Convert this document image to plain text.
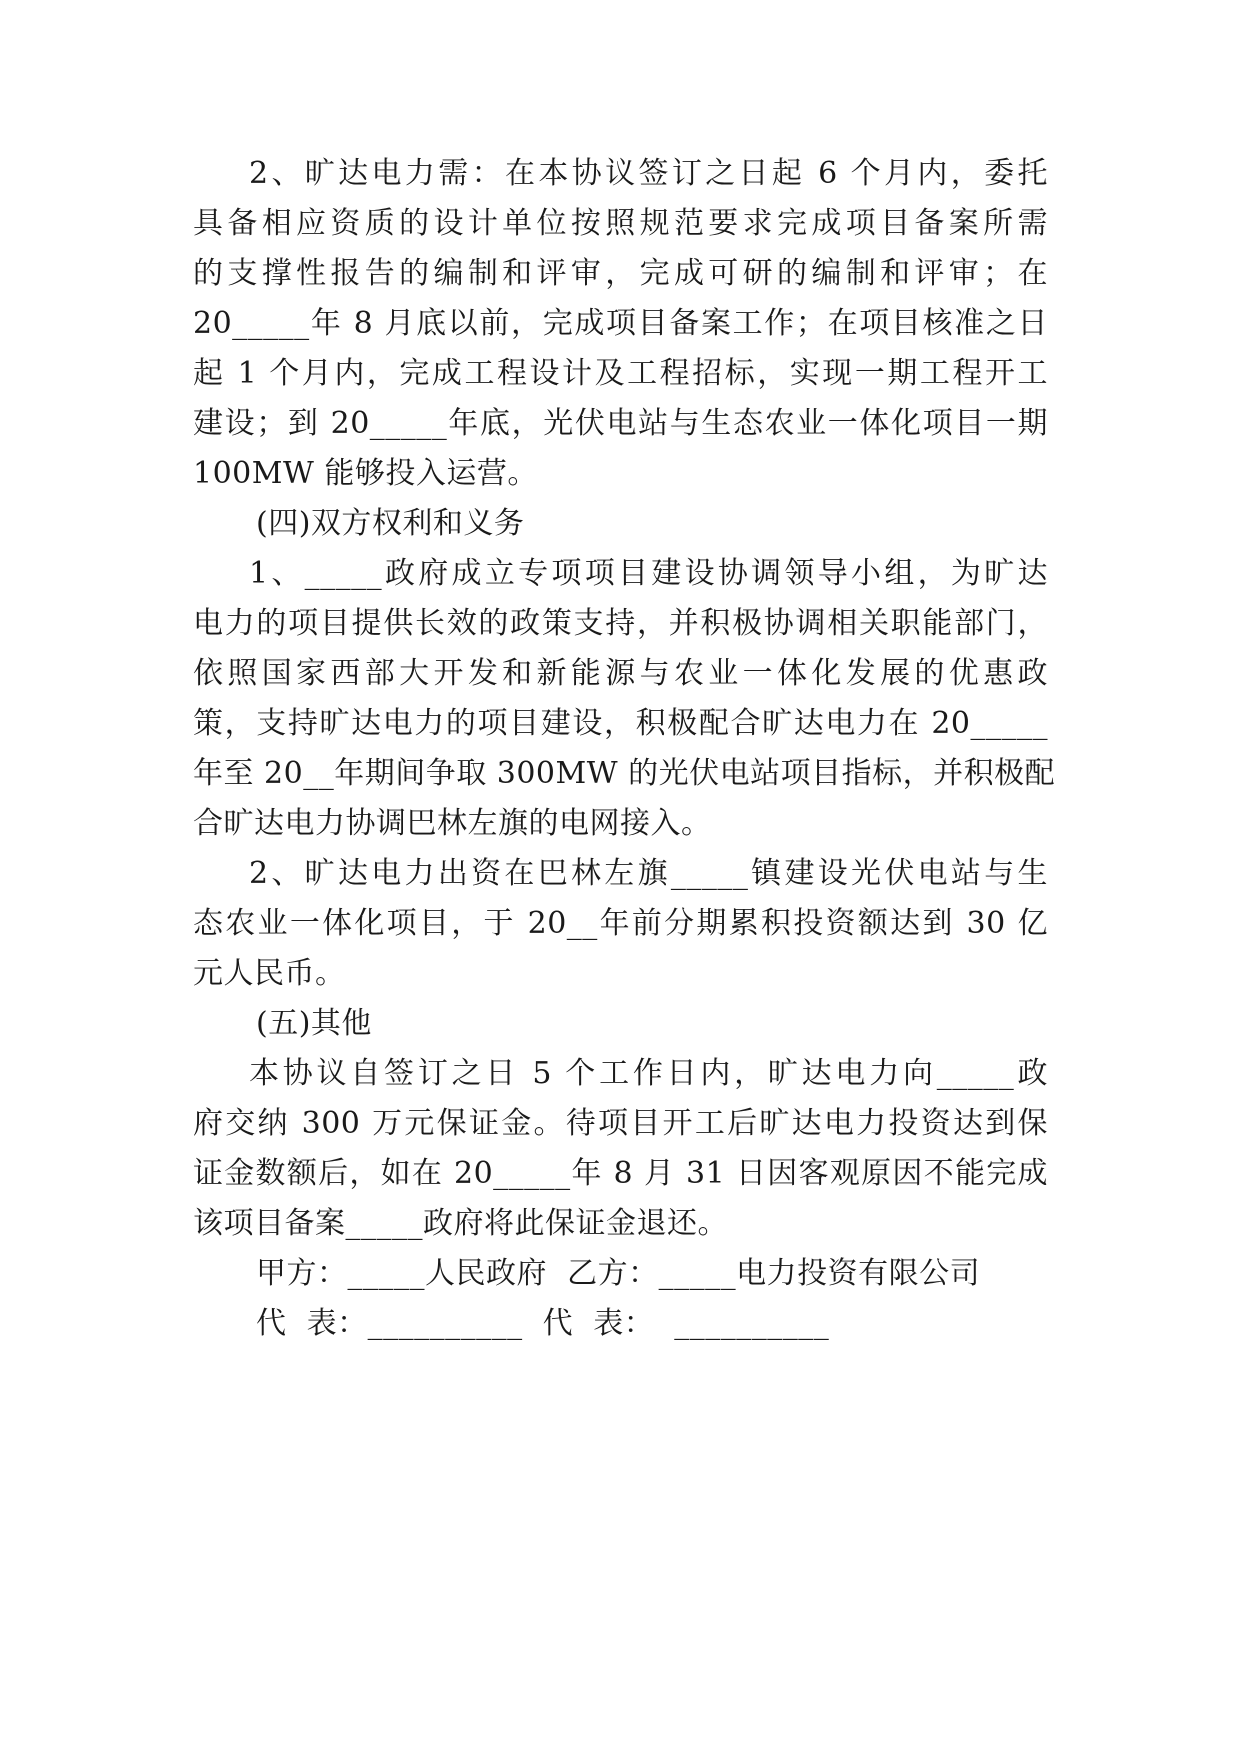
2、旷达电力需：在本协议签订之日起 6 个月内，委托
具备相应资质的设计单位按照规范要求完成项目备案所需
的支撑性报告的编制和评审，完成可研的编制和评审；在
20_____年 8 月底以前，完成项目备案工作；在项目核准之日
起 1 个月内，完成工程设计及工程招标，实现一期工程开工
建设；到 20_____年底，光伏电站与生态农业一体化项目一期
100MW 能够投入运营。
(四)双方权利和义务
1、_____政府成立专项项目建设协调领导小组，为旷达
电力的项目提供长效的政策支持，并积极协调相关职能部门，
依照国家西部大开发和新能源与农业一体化发展的优惠政
策，支持旷达电力的项目建设，积极配合旷达电力在 20_____
年至 20__年期间争取 300MW 的光伏电站项目指标，并积极配
合旷达电力协调巴林左旗的电网接入。
2、旷达电力出资在巴林左旗_____镇建设光伏电站与生
态农业一体化项目，于 20__年前分期累积投资额达到 30 亿
元人民币。
(五)其他
本协议自签订之日 5 个工作日内，旷达电力向_____政
府交纳 300 万元保证金。待项目开工后旷达电力投资达到保
证金数额后，如在 20_____年 8 月 31 日因客观原因不能完成
该项目备案_____政府将此保证金退还。
甲方：_____人民政府  乙方：_____电力投资有限公司
代  表：__________  代  表：  __________
